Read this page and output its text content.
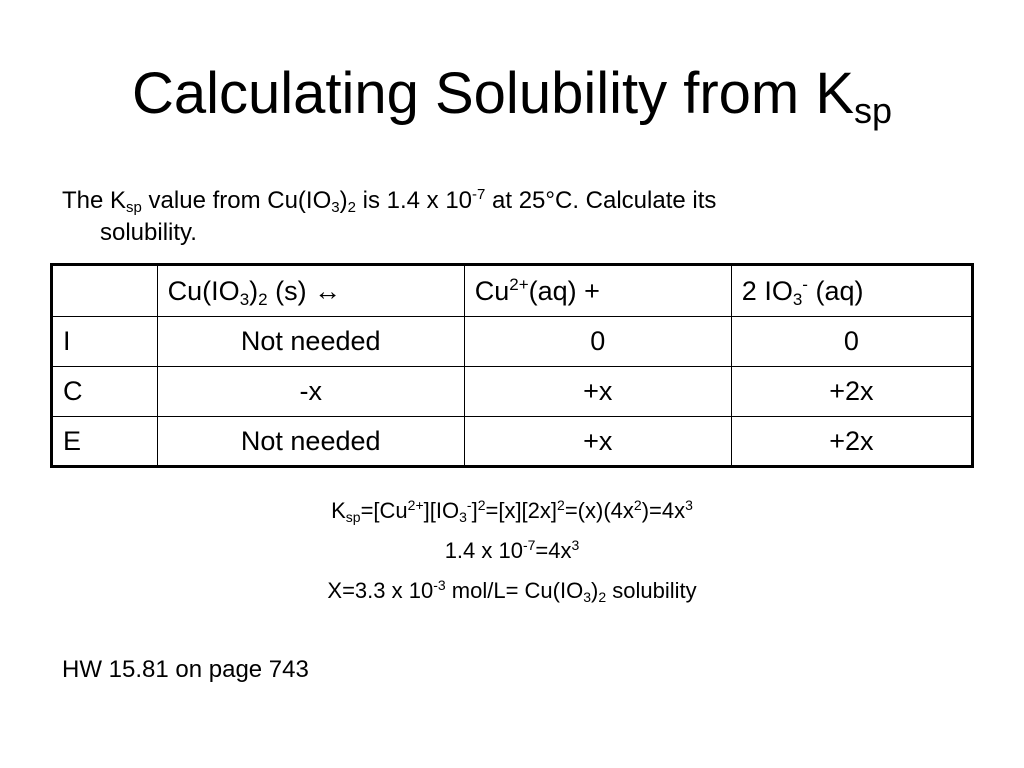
Calculating Solubility from $K_{sp}$
The $K_{sp}$ value from $Cu(IO_3)_2$ is 1.4 x $10^{-7}$ at 25°C. Calculate its
solubility.
	$Cu(IO_3)_2$ (s) ↔	$Cu^{2+}(aq)$ +	2 $IO_3^-$ (aq)
I	Not needed	0	0
C	-x	+x	+2x
E	Not needed	+x	+2x
$K_{sp}=[Cu^{2+}][IO_3^-]^2=[x][2x]^2=(x)(4x^2)=4x^3$
1.4 x $10^{-7}=4x^3$
X=3.3 x $10^{-3}$ $mol/L= Cu(IO_3)_2$ solubility
HW 15.81 on page 743
